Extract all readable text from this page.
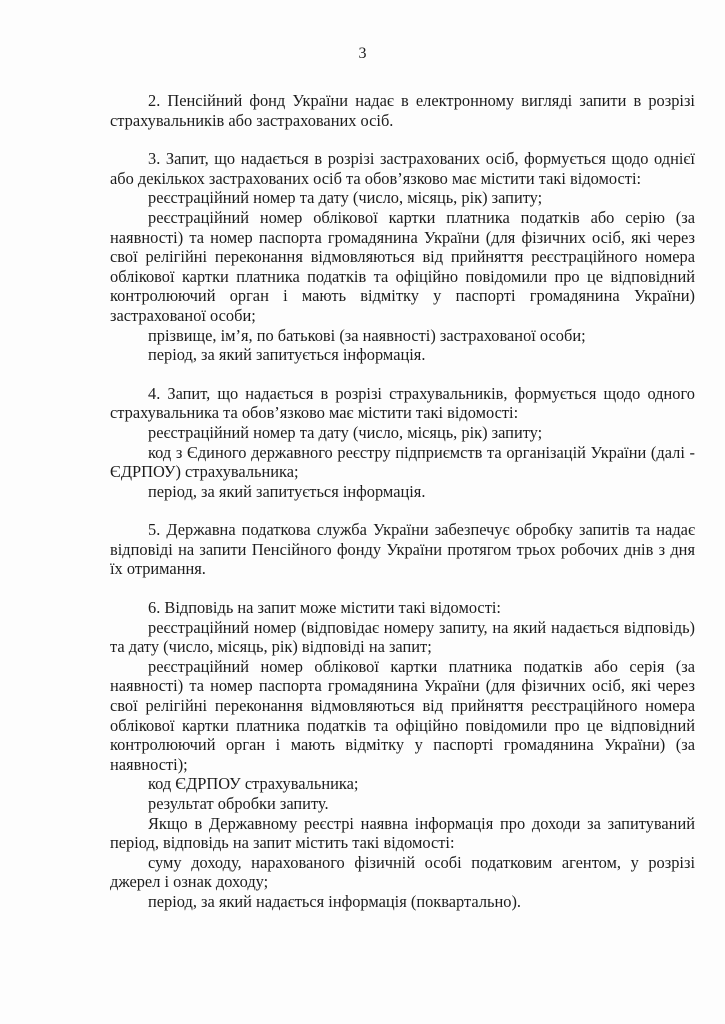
3

2. Пенсійний фонд України надає в електронному вигляді запити в розрізі страхувальників або застрахованих осіб.

3. Запит, що надається в розрізі застрахованих осіб, формується щодо однієї або декількох застрахованих осіб та обов’язково має містити такі відомості:

реєстраційний номер та дату (число, місяць, рік) запиту;

реєстраційний номер облікової картки платника податків або серію (за наявності) та номер паспорта громадянина України (для фізичних осіб, які через свої релігійні переконання відмовляються від прийняття реєстраційного номера облікової картки платника податків та офіційно повідомили про це відповідний контролюючий орган і мають відмітку у паспорті громадянина України) застрахованої особи;

прізвище, ім’я, по батькові (за наявності) застрахованої особи;

період, за який запитується інформація.

4. Запит, що надається в розрізі страхувальників, формується щодо одного страхувальника та обов’язково має містити такі відомості:

реєстраційний номер та дату (число, місяць, рік) запиту;

код з Єдиного державного реєстру підприємств та організацій України (далі - ЄДРПОУ) страхувальника;

період, за який запитується інформація.

5. Державна податкова служба України забезпечує обробку запитів та надає відповіді на запити Пенсійного фонду України протягом трьох робочих днів з дня їх отримання.

6. Відповідь на запит може містити такі відомості:

реєстраційний номер (відповідає номеру запиту, на який надається відповідь) та дату (число, місяць, рік) відповіді на запит;

реєстраційний номер облікової картки платника податків або серія (за наявності) та номер паспорта громадянина України (для фізичних осіб, які через свої релігійні переконання відмовляються від прийняття реєстраційного номера облікової картки платника податків та офіційно повідомили про це відповідний контролюючий орган і мають відмітку у паспорті громадянина України) (за наявності);

код ЄДРПОУ страхувальника;

результат обробки запиту.

Якщо в Державному реєстрі наявна інформація про доходи за запитуваний період, відповідь на запит містить такі відомості:

суму доходу, нарахованого фізичній особі податковим агентом, у розрізі джерел і ознак доходу;

період, за який надається інформація (поквартально).
